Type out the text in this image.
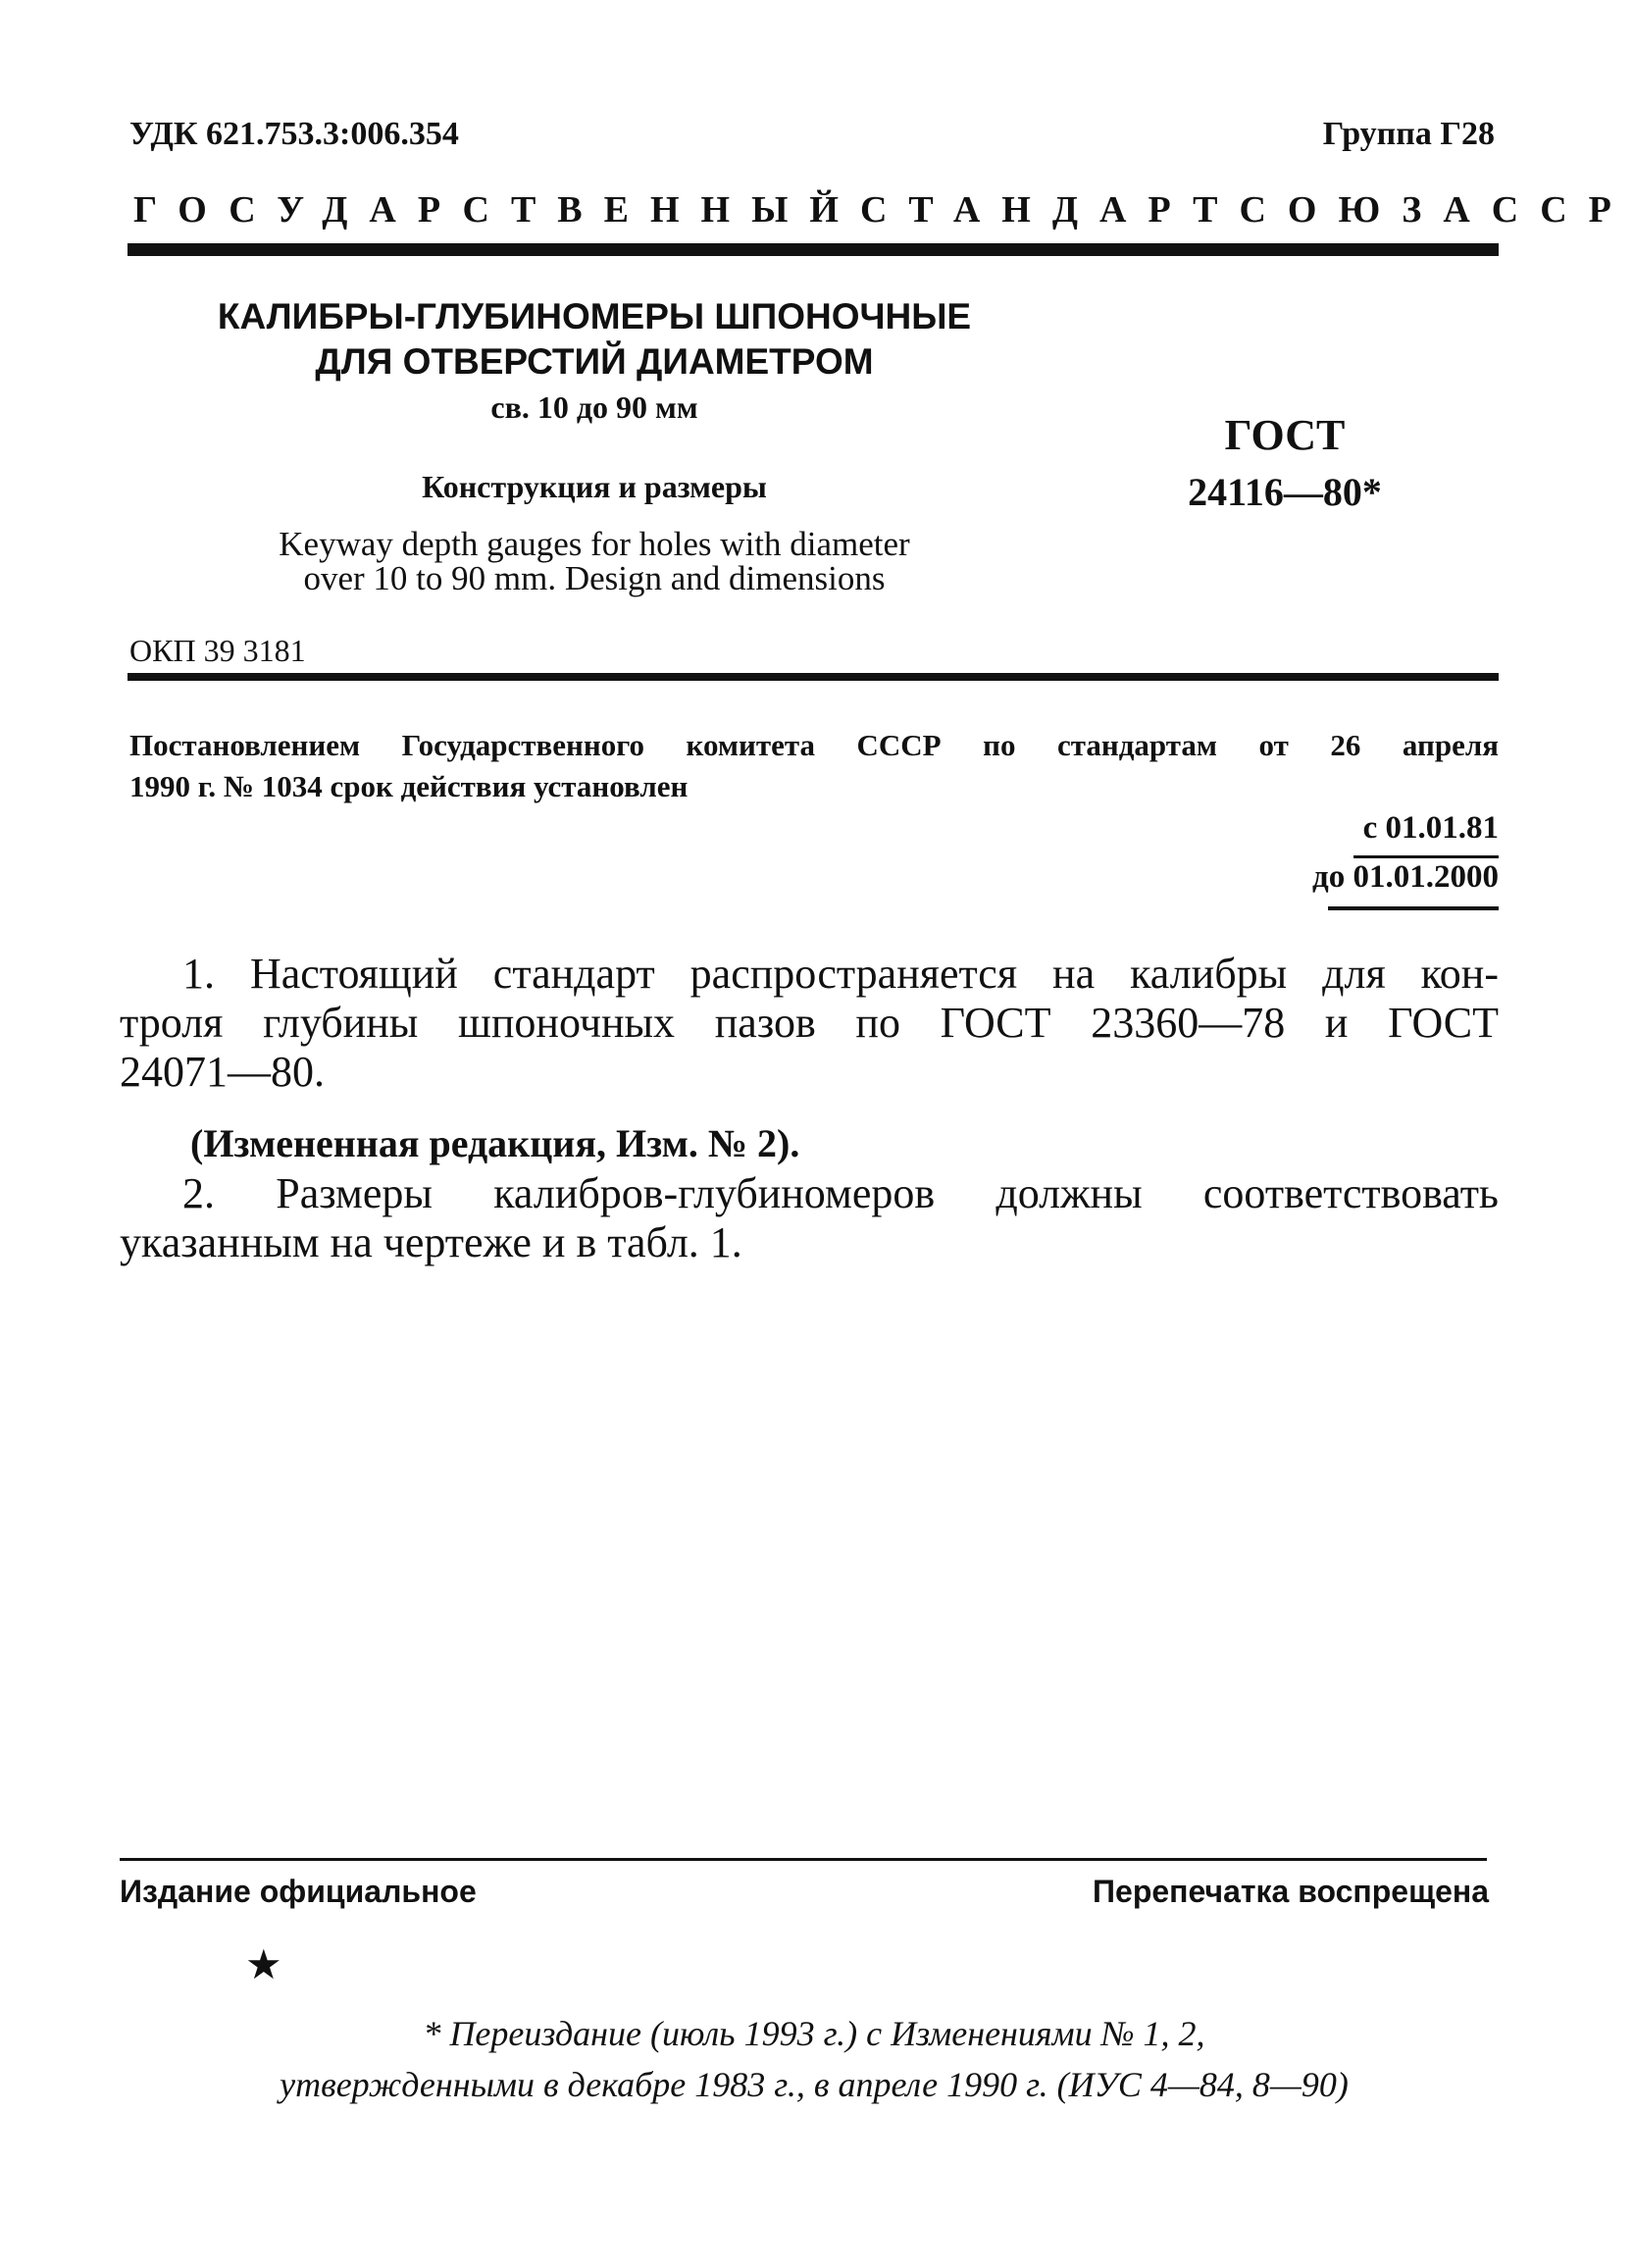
УДК 621.753.3:006.354	Группа Г28
ГОСУДАРСТВЕННЫЙ СТАНДАРТ СОЮЗА ССР
КАЛИБРЫ-ГЛУБИНОМЕРЫ ШПОНОЧНЫЕ
ДЛЯ ОТВЕРСТИЙ ДИАМЕТРОМ
св. 10 до 90 мм
Конструкция и размеры
ГОСТ
24116—80*
Keyway depth gauges for holes with diameter
over 10 to 90 mm. Design and dimensions
ОКП 39 3181
Постановлением Государственного комитета СССР по стандартам от 26 апреля
1990 г. № 1034 срок действия установлен
с 01.01.81
до 01.01.2000
1. Настоящий стандарт распространяется на калибры для кон-
троля глубины шпоночных пазов по ГОСТ 23360—78 и ГОСТ
24071—80.
(Измененная редакция, Изм. № 2).
2. Размеры калибров-глубиномеров должны соответствовать
указанным на чертеже и в табл. 1.
Издание официальное	Перепечатка воспрещена
★
* Переиздание (июль 1993 г.) с Изменениями № 1, 2,
утвержденными в декабре 1983 г., в апреле 1990 г. (ИУС 4—84, 8—90)
